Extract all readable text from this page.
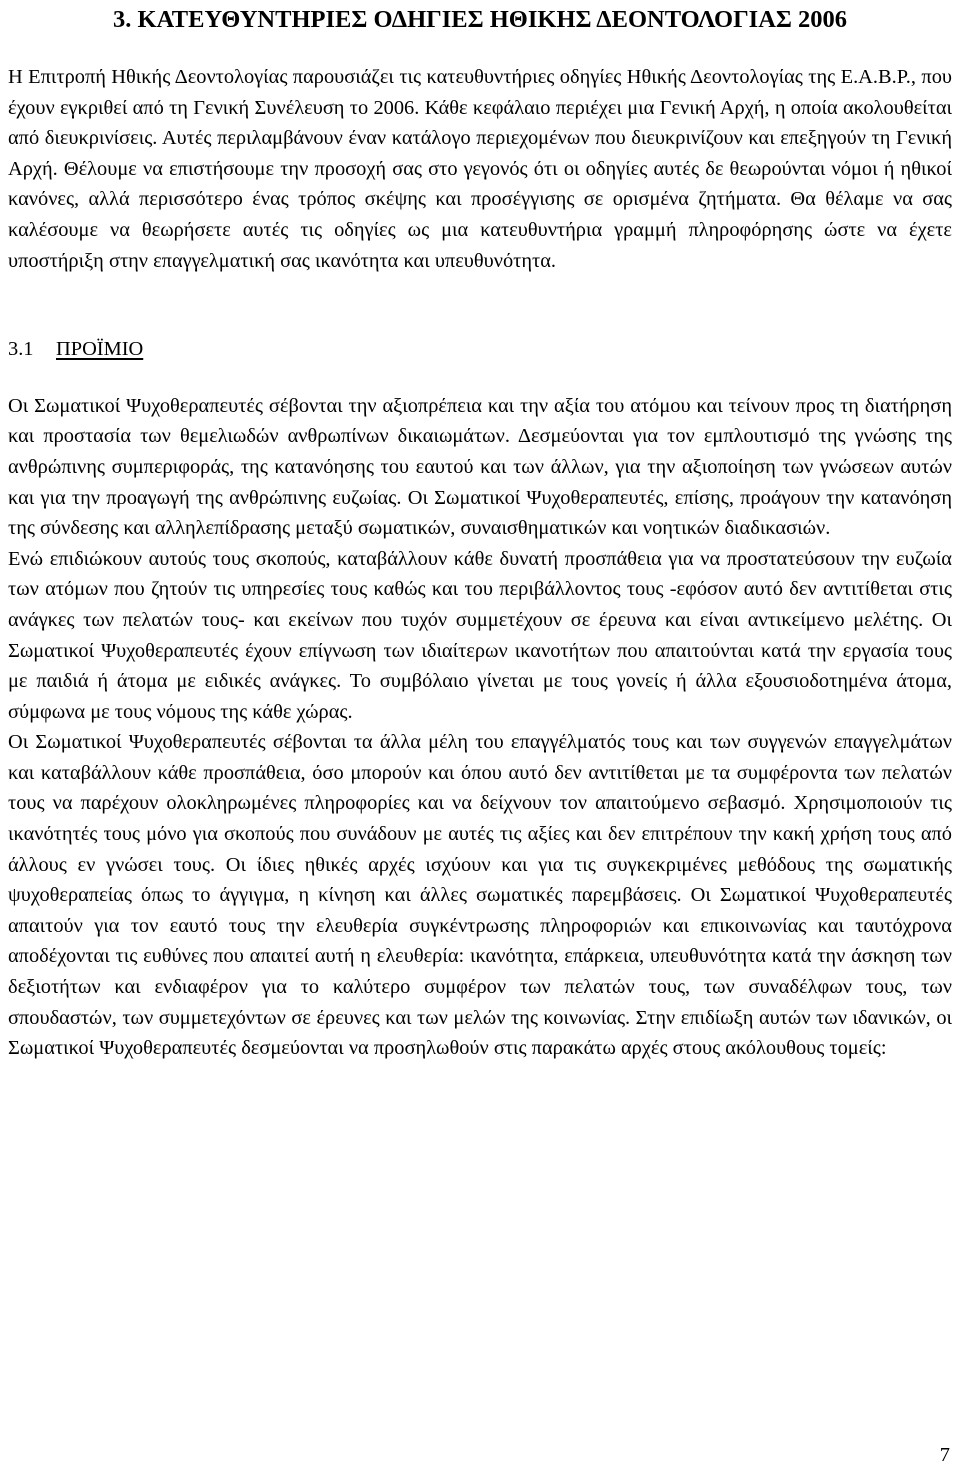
3. ΚΑΤΕΥΘΥΝΤΗΡΙΕΣ ΟΔΗΓΙΕΣ ΗΘΙΚΗΣ ΔΕΟΝΤΟΛΟΓΙΑΣ 2006

Η Επιτροπή Ηθικής Δεοντολογίας παρουσιάζει τις κατευθυντήριες οδηγίες Ηθικής Δεοντολογίας της Ε.Α.Β.Ρ., που έχουν εγκριθεί από τη Γενική Συνέλευση το 2006. Κάθε κεφάλαιο περιέχει μια Γενική Αρχή, η οποία ακολουθείται από διευκρινίσεις. Αυτές περιλαμβάνουν έναν κατάλογο περιεχομένων που διευκρινίζουν και επεξηγούν τη Γενική Αρχή. Θέλουμε να επιστήσουμε την προσοχή σας στο γεγονός ότι οι οδηγίες αυτές δε θεωρούνται νόμοι ή ηθικοί κανόνες, αλλά περισσότερο ένας τρόπος σκέψης και προσέγγισης σε ορισμένα ζητήματα. Θα θέλαμε να σας καλέσουμε να θεωρήσετε αυτές τις οδηγίες ως μια κατευθυντήρια γραμμή πληροφόρησης ώστε να έχετε υποστήριξη στην επαγγελματική σας ικανότητα και υπευθυνότητα.

3.1	ΠΡΟΪΜΙΟ

Οι Σωματικοί Ψυχοθεραπευτές σέβονται την αξιοπρέπεια και την αξία του ατόμου και τείνουν προς τη διατήρηση και προστασία των θεμελιωδών ανθρωπίνων δικαιωμάτων. Δεσμεύονται για τον εμπλουτισμό της γνώσης της ανθρώπινης συμπεριφοράς, της κατανόησης του εαυτού και των άλλων, για την αξιοποίηση των γνώσεων αυτών και για την προαγωγή της ανθρώπινης ευζωίας. Οι Σωματικοί Ψυχοθεραπευτές, επίσης, προάγουν την κατανόηση της σύνδεσης και αλληλεπίδρασης μεταξύ σωματικών, συναισθηματικών και νοητικών διαδικασιών.

Ενώ επιδιώκουν αυτούς τους σκοπούς, καταβάλλουν κάθε δυνατή προσπάθεια για να προστατεύσουν την ευζωία των ατόμων που ζητούν τις υπηρεσίες τους καθώς και του περιβάλλοντος τους -εφόσον αυτό δεν αντιτίθεται στις ανάγκες των πελατών τους- και εκείνων που τυχόν συμμετέχουν σε έρευνα και είναι αντικείμενο μελέτης. Οι Σωματικοί Ψυχοθεραπευτές έχουν επίγνωση των ιδιαίτερων ικανοτήτων που απαιτούνται κατά την εργασία τους με παιδιά ή άτομα με ειδικές ανάγκες. Το συμβόλαιο γίνεται με τους γονείς ή άλλα εξουσιοδοτημένα άτομα, σύμφωνα με τους νόμους της κάθε χώρας.

Οι Σωματικοί Ψυχοθεραπευτές σέβονται τα άλλα μέλη του επαγγέλματός τους και των συγγενών επαγγελμάτων και καταβάλλουν κάθε προσπάθεια, όσο μπορούν και όπου αυτό δεν αντιτίθεται με τα συμφέροντα των πελατών τους να παρέχουν ολοκληρωμένες πληροφορίες και να δείχνουν τον απαιτούμενο σεβασμό. Χρησιμοποιούν τις ικανότητές τους μόνο για σκοπούς που συνάδουν με αυτές τις αξίες και δεν επιτρέπουν την κακή χρήση τους από άλλους εν γνώσει τους. Οι ίδιες ηθικές αρχές ισχύουν και για τις συγκεκριμένες μεθόδους της σωματικής ψυχοθεραπείας όπως το άγγιγμα, η κίνηση και άλλες σωματικές παρεμβάσεις. Οι Σωματικοί Ψυχοθεραπευτές απαιτούν για τον εαυτό τους την ελευθερία συγκέντρωσης πληροφοριών και επικοινωνίας και ταυτόχρονα αποδέχονται τις ευθύνες που απαιτεί αυτή η ελευθερία: ικανότητα, επάρκεια, υπευθυνότητα κατά την άσκηση των δεξιοτήτων και ενδιαφέρον για το καλύτερο συμφέρον των πελατών τους, των συναδέλφων τους, των σπουδαστών, των συμμετεχόντων σε έρευνες και των μελών της κοινωνίας. Στην επιδίωξη αυτών των ιδανικών, οι Σωματικοί Ψυχοθεραπευτές δεσμεύονται να προσηλωθούν στις παρακάτω αρχές στους ακόλουθους τομείς:

7
